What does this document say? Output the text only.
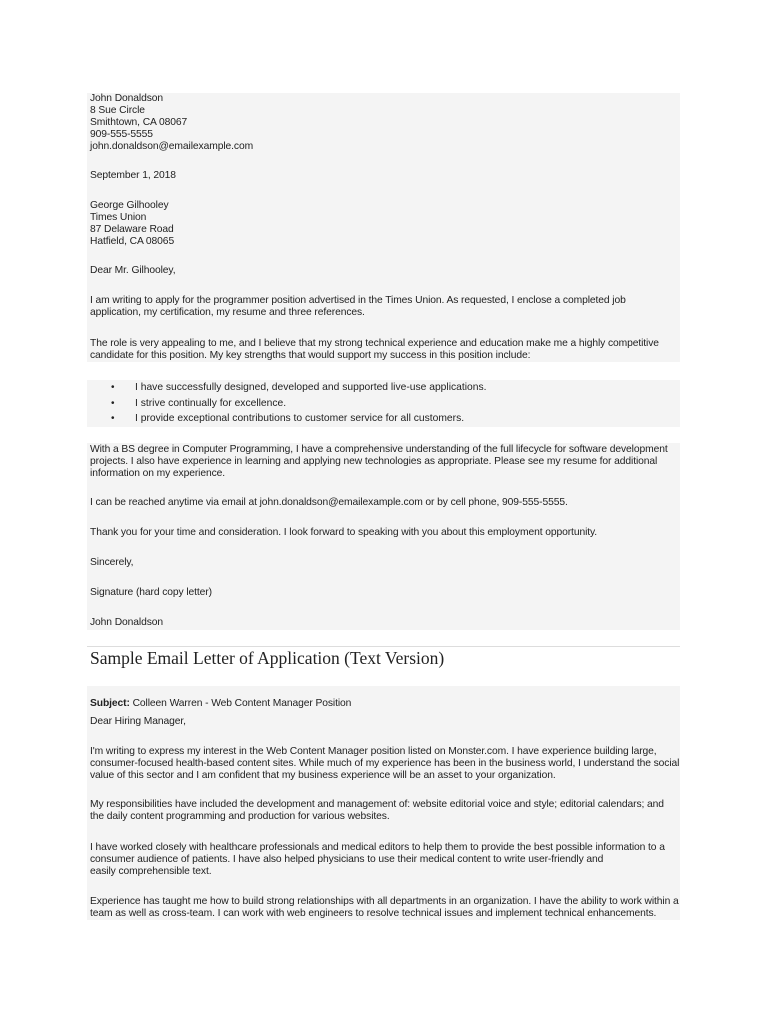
John Donaldson
8 Sue Circle
Smithtown, CA 08067
909-555-5555
john.donaldson@emailexample.com
September 1, 2018
George Gilhooley
Times Union
87 Delaware Road
Hatfield, CA 08065
Dear Mr. Gilhooley,
I am writing to apply for the programmer position advertised in the Times Union. As requested, I enclose a completed job
application, my certification, my resume and three references.
The role is very appealing to me, and I believe that my strong technical experience and education make me a highly competitive
candidate for this position. My key strengths that would support my success in this position include:
• I have successfully designed, developed and supported live-use applications.
• I strive continually for excellence.
• I provide exceptional contributions to customer service for all customers.
With a BS degree in Computer Programming, I have a comprehensive understanding of the full lifecycle for software development
projects. I also have experience in learning and applying new technologies as appropriate. Please see my resume for additional
information on my experience.
I can be reached anytime via email at john.donaldson@emailexample.com or by cell phone, 909-555-5555.
Thank you for your time and consideration. I look forward to speaking with you about this employment opportunity.
Sincerely,
Signature (hard copy letter)
John Donaldson
Sample Email Letter of Application (Text Version)

Subject: Colleen Warren - Web Content Manager Position

Dear Hiring Manager,
I'm writing to express my interest in the Web Content Manager position listed on Monster.com. I have experience building large,
consumer-focused health-based content sites. While much of my experience has been in the business world, I understand the social
value of this sector and I am confident that my business experience will be an asset to your organization.
My responsibilities have included the development and management of: website editorial voice and style; editorial calendars; and
the daily content programming and production for various websites.
I have worked closely with healthcare professionals and medical editors to help them to provide the best possible information to a
consumer audience of patients. I have also helped physicians to use their medical content to write user-friendly and
easily comprehensible text.
Experience has taught me how to build strong relationships with all departments in an organization. I have the ability to work within a
team as well as cross-team. I can work with web engineers to resolve technical issues and implement technical enhancements.
